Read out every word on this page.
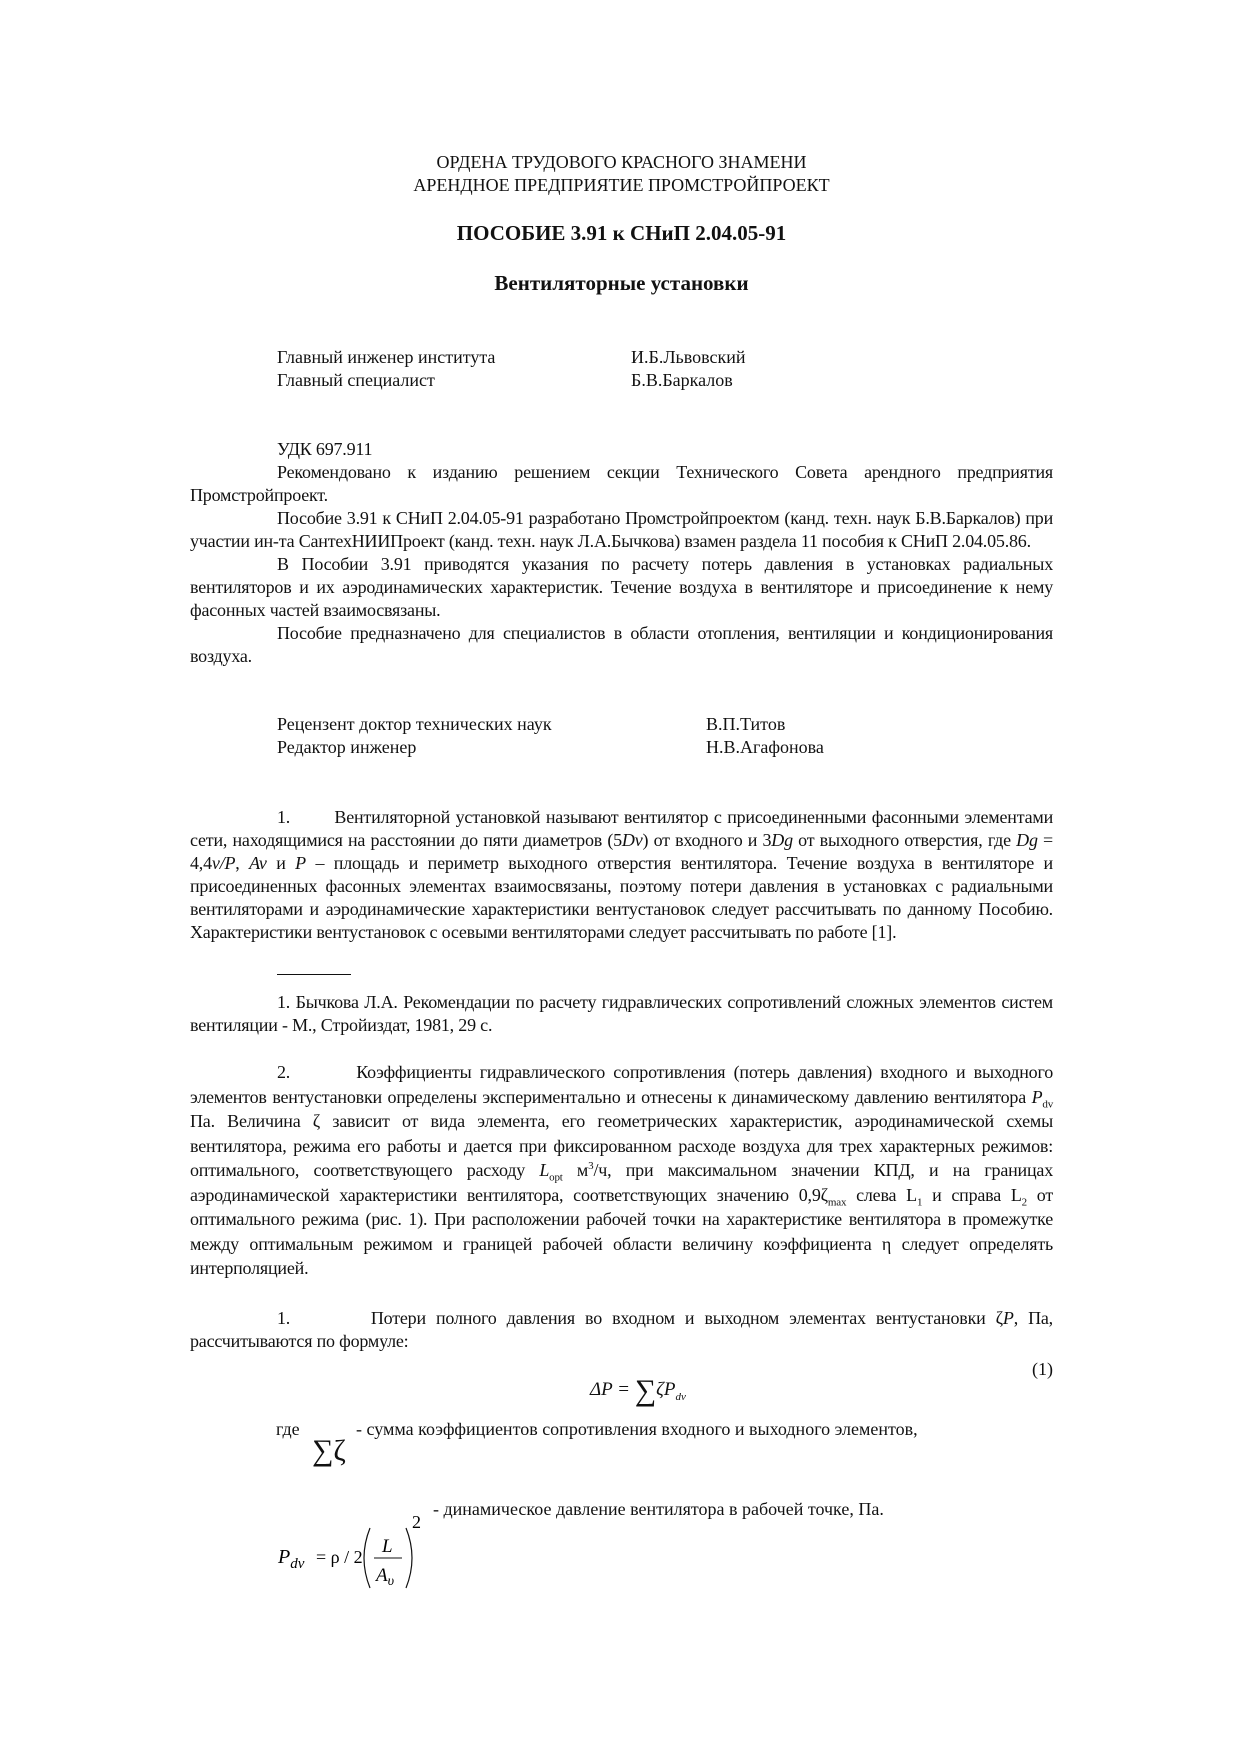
ОРДЕНА ТРУДОВОГО КРАСНОГО ЗНАМЕНИ
АРЕНДНОЕ ПРЕДПРИЯТИЕ ПРОМСТРОЙПРОЕКТ
ПОСОБИЕ 3.91 к СНиП 2.04.05-91
Вентиляторные установки
Главный инженер института	И.Б.Львовский
Главный специалист	Б.В.Баркалов

УДК 697.911

Рекомендовано к изданию решением секции Технического Совета арендного предприятия Промстройпроект.

Пособие 3.91 к СНиП 2.04.05-91 разработано Промстройпроектом (канд. техн. наук Б.В.Баркалов) при участии ин-та СантехНИИПроект (канд. техн. наук Л.А.Бычкова) взамен раздела 11 пособия к СНиП 2.04.05.86.

В Пособии 3.91 приводятся указания по расчету потерь давления в установках радиальных вентиляторов и их аэродинамических характеристик. Течение воздуха в вентиляторе и присоединение к нему фасонных частей взаимосвязаны.

Пособие предназначено для специалистов в области отопления, вентиляции и кондиционирования воздуха.

Рецензент доктор технических наук	В.П.Титов
Редактор инженер	Н.В.Агафонова

1.        Вентиляторной установкой называют вентилятор с присоединенными фасонными элементами сети, находящимися на расстоянии до пяти диаметров (5Dv) от входного и 3Dg от выходного отверстия, где Dg = 4,4v/P, Av и P – площадь и периметр выходного отверстия вентилятора. Течение воздуха в вентиляторе и присоединенных фасонных элементах взаимосвязаны, поэтому потери давления в установках с радиальными вентиляторами и аэродинамические характеристики вентустановок следует рассчитывать по данному Пособию. Характеристики вентустановок с осевыми вентиляторами следует рассчитывать по работе [1].

1. Бычкова Л.А. Рекомендации по расчету гидравлических сопротивлений сложных элементов систем вентиляции - М., Стройиздат, 1981, 29 с.

2.        Коэффициенты гидравлического сопротивления (потерь давления) входного и выходного элементов вентустановки определены экспериментально и отнесены к динамическому давлению вентилятора $P_{dv}$ Па. Величина ζ зависит от вида элемента, его геометрических характеристик, аэродинамической схемы вентилятора, режима его работы и дается при фиксированном расходе воздуха для трех характерных режимов: оптимального, соответствующего расходу $L_{opt}$ $м^3/ч$, при максимальном значении КПД, и на границах аэродинамической характеристики вентилятора, соответствующих значению $0,9\zeta_{max}$ слева $L_1$ и справа $L_2$ от оптимального режима (рис. 1). При расположении рабочей точки на характеристике вентилятора в промежутке между оптимальным режимом и границей рабочей области величину коэффициента η следует определять интерполяцией.

1.        Потери полного давления во входном и выходном элементах вентустановки ζP, Па, рассчитываются по формуле:

(1)
$\Delta P = \sum\zeta P_{dv}$
где
∑ζ
- сумма коэффициентов сопротивления входного и выходного элементов,
- динамическое давление вентилятора в рабочей точке, Па.
$P_{dv} = \rho / 2$ L
$A_\upsilon$
2
